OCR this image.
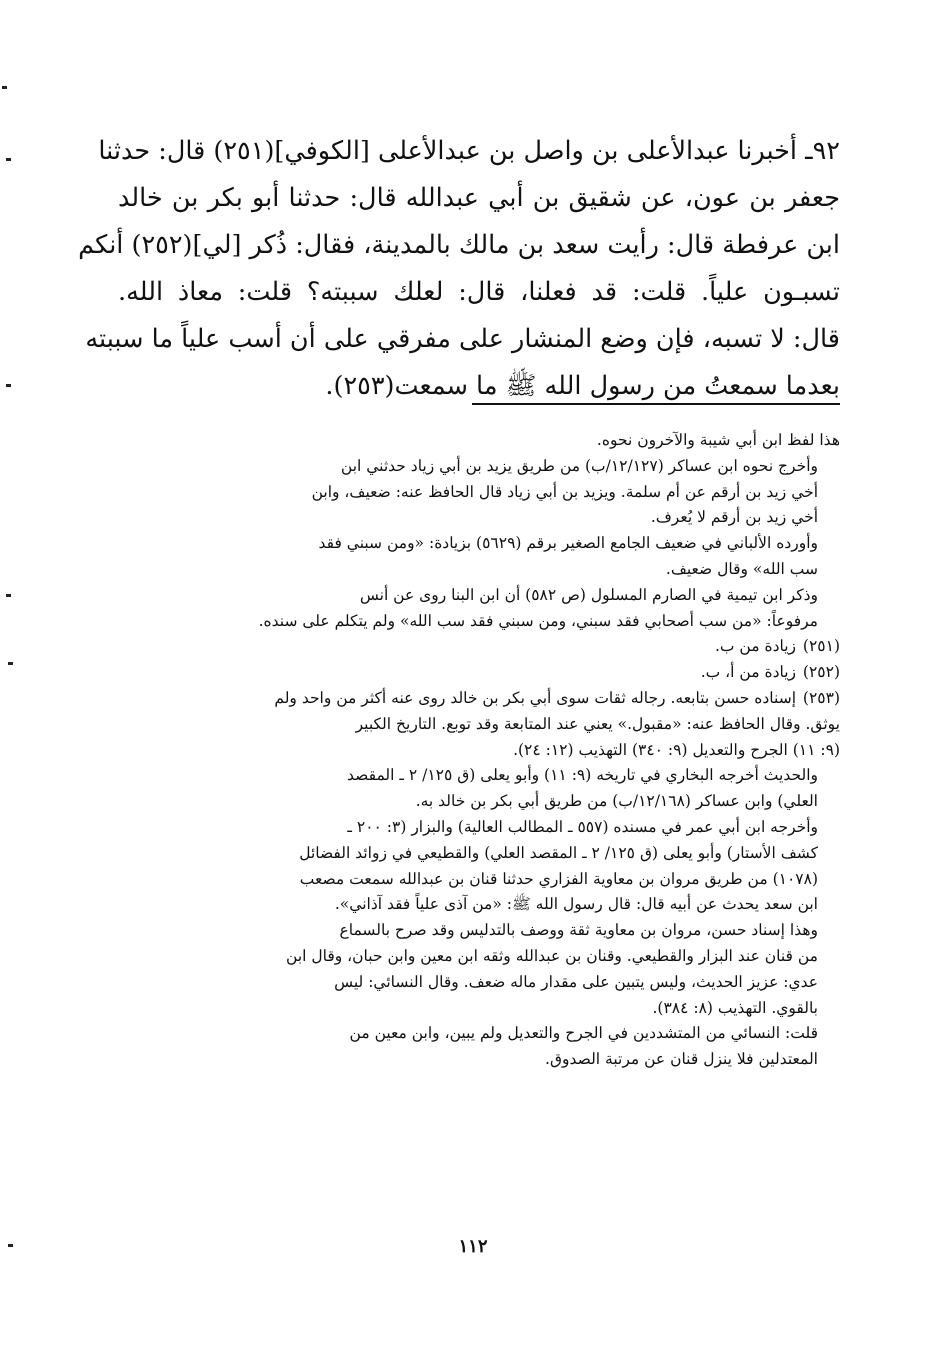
٩٢ـ أخبرنا عبدالأعلى بن واصل بن عبدالأعلى [الكوفي](٢٥١) قال: حدثنا
جعفر بن عون، عن شقيق بن أبي عبدالله قال: حدثنا أبو بكر بن خالد
ابن عرفطة قال: رأيت سعد بن مالك بالمدينة، فقال: ذُكر [لي](٢٥٢) أنكم
تسبـون علياً. قلت: قد فعلنا، قال: لعلك سببته؟ قلت: معاذ الله.
قال: لا تسبه، فإن وضع المنشار على مفرقي على أن أسب علياً ما سببته
بعدما سمعتُ من رسول الله ﷺ ما سمعت(٢٥٣).
هذا لفظ ابن أبي شيبة والآخرون نحوه.
وأخرج نحوه ابن عساكر (١٢/١٢٧/ب) من طريق يزيد بن أبي زياد حدثني ابن
أخي زيد بن أرقم عن أم سلمة. ويزيد بن أبي زياد قال الحافظ عنه: ضعيف، وابن
أخي زيد بن أرقم لا يُعرف.
وأورده الألباني في ضعيف الجامع الصغير برقم (٥٦٢٩) بزيادة: «ومن سبني فقد
سب الله» وقال ضعيف.
وذكر ابن تيمية في الصارم المسلول (ص ٥٨٢) أن ابن البنا روى عن أنس
مرفوعاً: «من سب أصحابي فقد سبني، ومن سبني فقد سب الله» ولم يتكلم على سنده.
(٢٥١)
زيادة من ب.
(٢٥٢)
زيادة من أ، ب.
(٢٥٣)
إسناده حسن بتابعه. رجاله ثقات سوى أبي بكر بن خالد روى عنه أكثر من واحد ولم
يوثق. وقال الحافظ عنه: «مقبول.» يعني عند المتابعة وقد توبع. التاريخ الكبير
(٩: ١١) الجرح والتعديل (٩: ٣٤٠) التهذيب (١٢: ٢٤).
والحديث أخرجه البخاري في تاريخه (٩: ١١) وأبو يعلى (ق ١٢٥/ ٢ ـ المقصد
العلي) وابن عساكر (١٢/١٦٨/ب) من طريق أبي بكر بن خالد به.
وأخرجه ابن أبي عمر في مسنده (٥٥٧ ـ المطالب العالية) والبزار (٣: ٢٠٠ ـ
كشف الأستار) وأبو يعلى (ق ١٢٥/ ٢ ـ المقصد العلي) والقطيعي في زوائد الفضائل
(١٠٧٨) من طريق مروان بن معاوية الفزاري حدثنا قنان بن عبدالله سمعت مصعب
ابن سعد يحدث عن أبيه قال: قال رسول الله ﷺ: «من آذى علياً فقد آذاني».
وهذا إسناد حسن، مروان بن معاوية ثقة ووصف بالتدليس وقد صرح بالسماع
من قنان عند البزار والقطيعي. وقنان بن عبدالله وثقه ابن معين وابن حبان، وقال ابن
عدي: عزيز الحديث، وليس يتبين على مقدار ماله ضعف. وقال النسائي: ليس
بالقوي. التهذيب (٨: ٣٨٤).
قلت: النسائي من المتشددين في الجرح والتعديل ولم يبين، وابن معين من
المعتدلين فلا ينزل قنان عن مرتبة الصدوق.
١١٢
